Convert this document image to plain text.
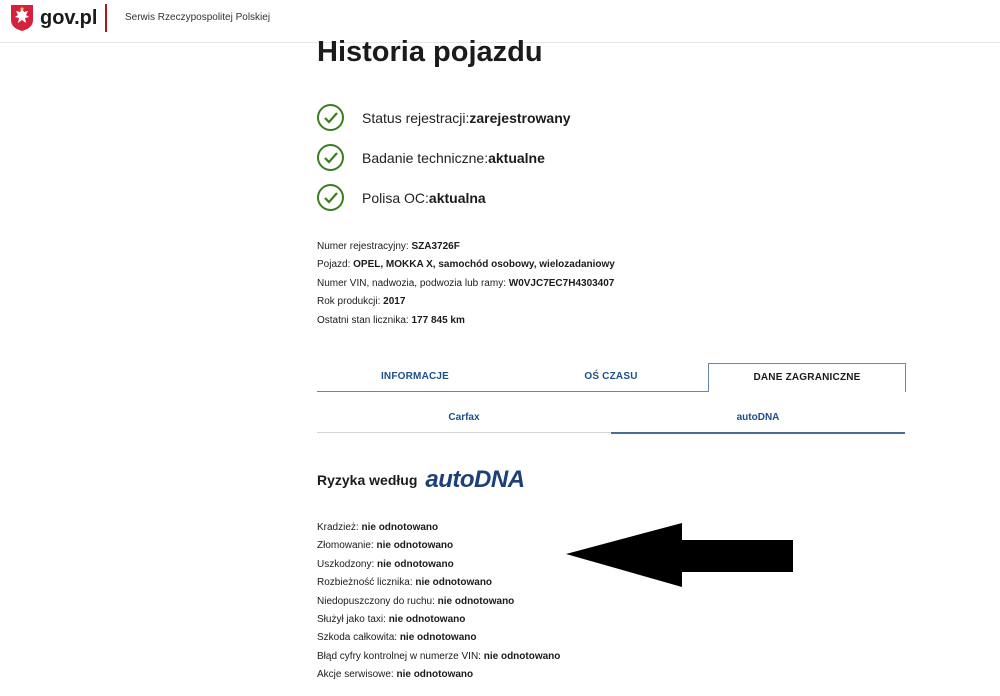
gov.pl	Serwis Rzeczypospolitej Polskiej
Historia pojazdu
Status rejestracji: zarejestrowany
Badanie techniczne: aktualne
Polisa OC: aktualna
Numer rejestracyjny: SZA3726F
Pojazd: OPEL, MOKKA X, samochód osobowy, wielozadaniowy
Numer VIN, nadwozia, podwozia lub ramy: W0VJC7EC7H4303407
Rok produkcji: 2017
Ostatni stan licznika: 177 845 km
INFORMACJE	OŚ CZASU	DANE ZAGRANICZNE
Carfax	autoDNA
Ryzyka według autoDNA
Kradzież: nie odnotowano
Złomowanie: nie odnotowano
Uszkodzony: nie odnotowano
Rozbieżność licznika: nie odnotowano
Niedopuszczony do ruchu: nie odnotowano
Służył jako taxi: nie odnotowano
Szkoda całkowita: nie odnotowano
Błąd cyfry kontrolnej w numerze VIN: nie odnotowano
Akcje serwisowe: nie odnotowano
